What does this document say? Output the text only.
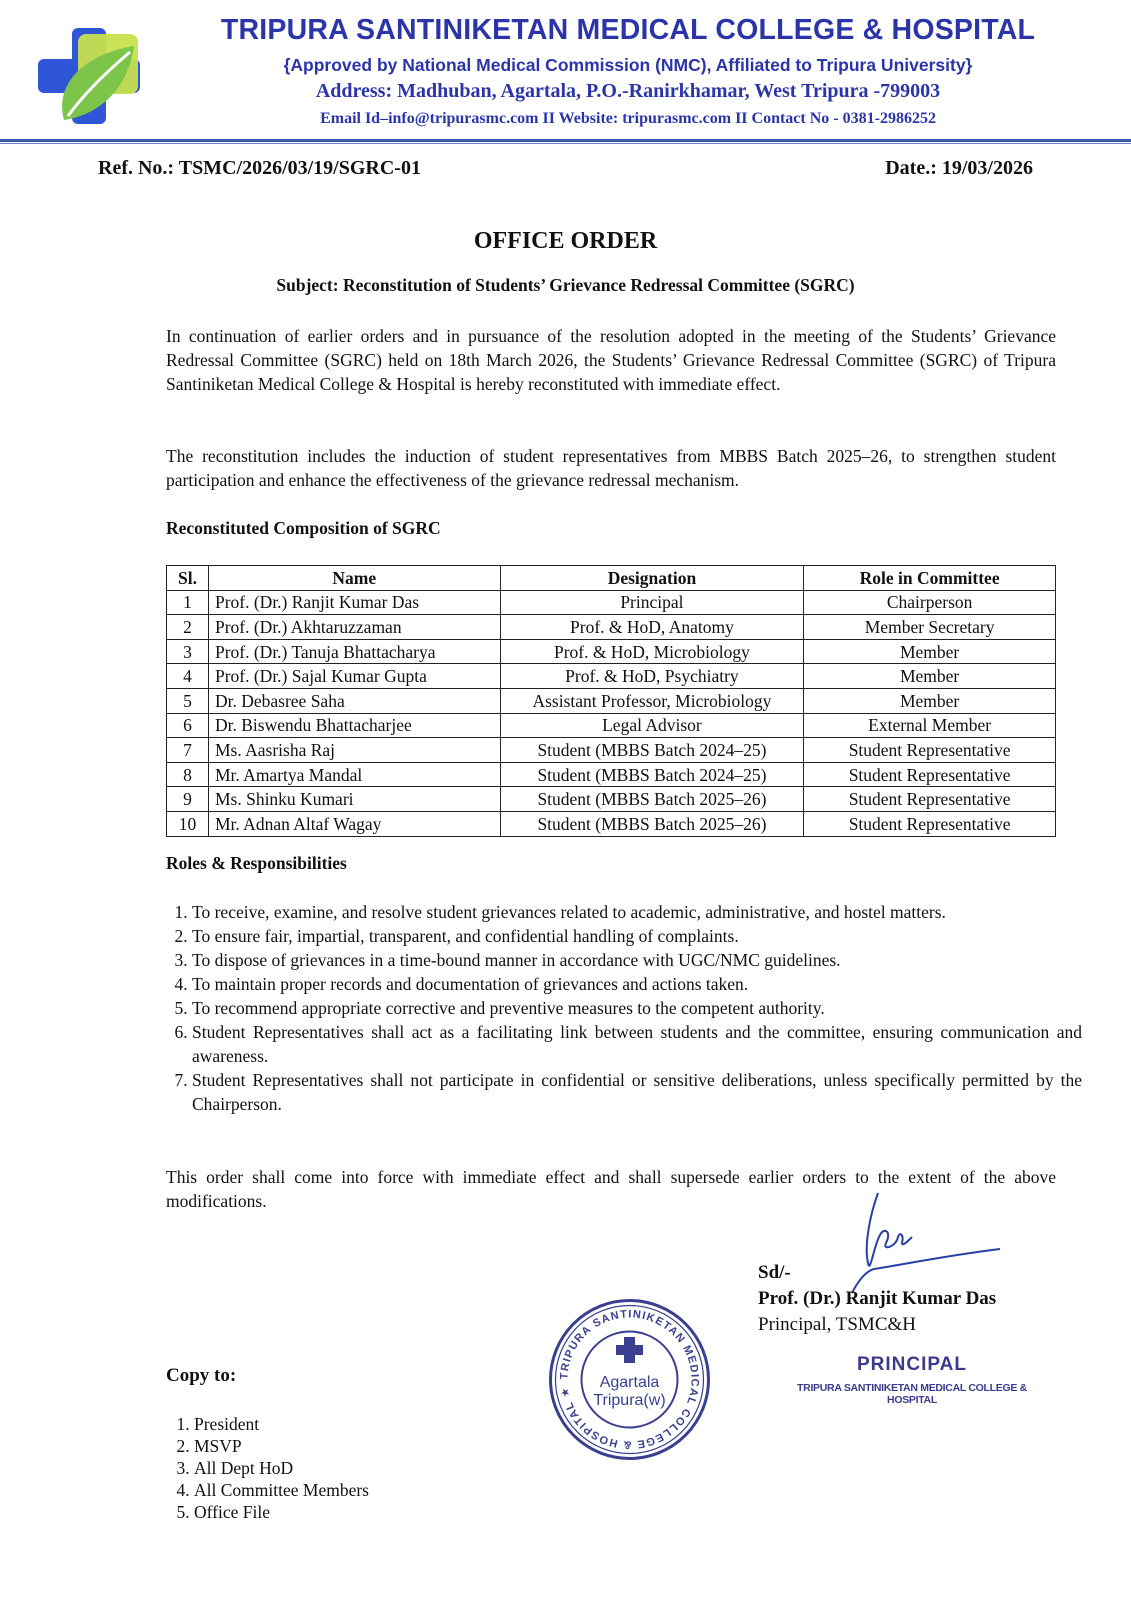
TRIPURA SANTINIKETAN MEDICAL COLLEGE & HOSPITAL
{Approved by National Medical Commission (NMC), Affiliated to Tripura University}
Address: Madhuban, Agartala, P.O.-Ranirkhamar, West Tripura -799003
Email Id–info@tripurasmc.com II Website: tripurasmc.com II Contact No - 0381-2986252
Ref. No.: TSMC/2026/03/19/SGRC-01	Date.: 19/03/2026
OFFICE ORDER
Subject: Reconstitution of Students’ Grievance Redressal Committee (SGRC)
In continuation of earlier orders and in pursuance of the resolution adopted in the meeting of the Students’ Grievance Redressal Committee (SGRC) held on 18th March 2026, the Students’ Grievance Redressal Committee (SGRC) of Tripura Santiniketan Medical College & Hospital is hereby reconstituted with immediate effect.
The reconstitution includes the induction of student representatives from MBBS Batch 2025–26, to strengthen student participation and enhance the effectiveness of the grievance redressal mechanism.
Reconstituted Composition of SGRC
Sl.	Name	Designation	Role in Committee
1	Prof. (Dr.) Ranjit Kumar Das	Principal	Chairperson
2	Prof. (Dr.) Akhtaruzzaman	Prof. & HoD, Anatomy	Member Secretary
3	Prof. (Dr.) Tanuja Bhattacharya	Prof. & HoD, Microbiology	Member
4	Prof. (Dr.) Sajal Kumar Gupta	Prof. & HoD, Psychiatry	Member
5	Dr. Debasree Saha	Assistant Professor, Microbiology	Member
6	Dr. Biswendu Bhattacharjee	Legal Advisor	External Member
7	Ms. Aasrisha Raj	Student (MBBS Batch 2024–25)	Student Representative
8	Mr. Amartya Mandal	Student (MBBS Batch 2024–25)	Student Representative
9	Ms. Shinku Kumari	Student (MBBS Batch 2025–26)	Student Representative
10	Mr. Adnan Altaf Wagay	Student (MBBS Batch 2025–26)	Student Representative
Roles & Responsibilities
1. To receive, examine, and resolve student grievances related to academic, administrative, and hostel matters.
2. To ensure fair, impartial, transparent, and confidential handling of complaints.
3. To dispose of grievances in a time-bound manner in accordance with UGC/NMC guidelines.
4. To maintain proper records and documentation of grievances and actions taken.
5. To recommend appropriate corrective and preventive measures to the competent authority.
6. Student Representatives shall act as a facilitating link between students and the committee, ensuring communication and awareness.
7. Student Representatives shall not participate in confidential or sensitive deliberations, unless specifically permitted by the Chairperson.
This order shall come into force with immediate effect and shall supersede earlier orders to the extent of the above modifications.
Sd/-
Prof. (Dr.) Ranjit Kumar Das
Principal, TSMC&H
PRINCIPAL
TRIPURA SANTINIKETAN MEDICAL COLLEGE & HOSPITAL
TRIPURA SANTINIKETAN MEDICAL COLLEGE & HOSPITAL ★
Agartala
Tripura(w)
Copy to:
1. President
2. MSVP
3. All Dept HoD
4. All Committee Members
5. Office File
